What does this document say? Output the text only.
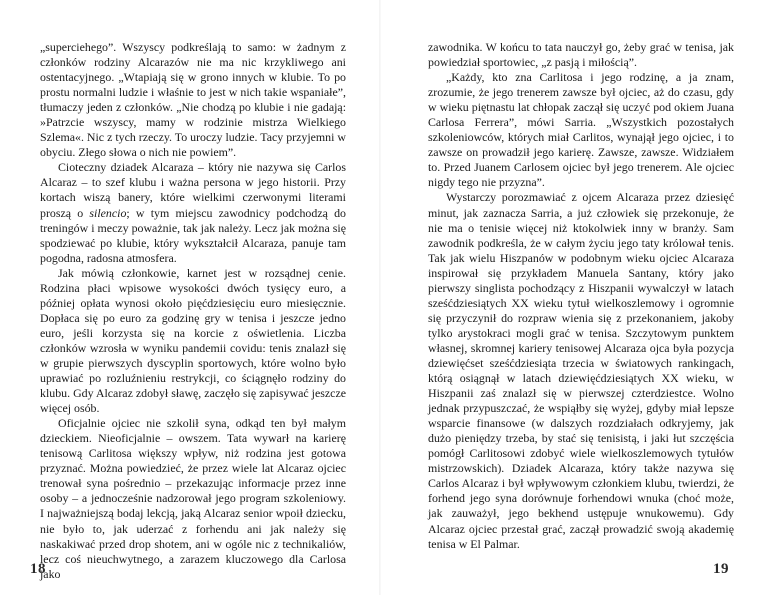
„superciehego”. Wszyscy podkreślają to samo: w żadnym z członków rodziny Alcarazów nie ma nic krzykliwego ani ostentacyjnego. „Wtapiają się w grono innych w klubie. To po prostu normalni ludzie i właśnie to jest w nich takie wspaniałe”, tłumaczy jeden z członków. „Nie chodzą po klubie i nie gadają: »Patrzcie wszyscy, mamy w rodzinie mistrza Wielkiego Szlema«. Nic z tych rzeczy. To uroczy ludzie. Tacy przyjemni w obyciu. Złego słowa o nich nie powiem”.

Ciotecznу dziadek Alcaraza – który nie nazywa się Carlos Alcaraz – to szef klubu i ważna persona w jego historii. Przy kortach wiszą banery, które wielkimi czerwonymi literami proszą o silencio; w tym miejscu zawodnicy podchodzą do treningów i meczy poważnie, tak jak należy. Lecz jak można się spodziewać po klubie, który wykształcił Alcaraza, panuje tam pogodna, radosna atmosfera.

Jak mówią członkowie, karnet jest w rozsądnej cenie. Rodzina płaci wpisowe wysokości dwóch tysięcy euro, a później opłata wynosi około pięćdziesięciu euro miesięcznie. Dopłaca się po euro za godzinę gry w tenisa i jeszcze jedno euro, jeśli korzysta się na korcie z oświetlenia. Liczba członków wzrosła w wyniku pandemii covidu: tenis znalazł się w grupie pierwszych dyscyplin sportowych, które wolno było uprawiać po rozluźnieniu restrykcji, co ściągnęło rodziny do klubu. Gdy Alcaraz zdobył sławę, zaczęło się zapisywać jeszcze więcej osób.

Oficjalnie ojciec nie szkolił syna, odkąd ten był małym dzieckiem. Nieoficjalnie – owszem. Tata wywarł na karierę tenisową Carlitosa większy wpływ, niż rodzina jest gotowa przyznać. Można powiedzieć, że przez wiele lat Alcaraz ojciec trenował syna pośrednio – przekazując informacje przez inne osoby – a jednocześnie nadzorował jego program szkoleniowy. I najważniejszą bodaj lekcją, jaką Alcaraz senior wpoił dziecku, nie było to, jak uderzać z forhendu ani jak należy się naskakiwać przed drop shotem, ani w ogóle nic z technikaliów, lecz coś nieuchwytnego, a zarazem kluczowego dla Carlosa jako

zawodnika. W końcu to tata nauczył go, żeby grać w tenisa, jak powiedział sportowiec, „z pasją i miłością”.

„Każdy, kto zna Carlitosa i jego rodzinę, a ja znam, zrozumie, że jego trenerem zawsze był ojciec, aż do czasu, gdy w wieku piętnastu lat chłopak zaczął się uczyć pod okiem Juana Carlosa Ferrera”, mówi Sarria. „Wszystkich pozostałych szkoleniowców, których miał Carlitos, wynajął jego ojciec, i to zawsze on prowadził jego karierę. Zawsze, zawsze. Widziałem to. Przed Juanem Carlosem ojciec był jego trenerem. Ale ojciec nigdy tego nie przyzna”.

Wystarczy porozmawiać z ojcem Alcaraza przez dziesięć minut, jak zaznacza Sarria, a już człowiek się przekonuje, że nie ma o tenisie więcej niż ktokolwiek inny w branży. Sam zawodnik podkreśla, że w całym życiu jego taty królował tenis. Tak jak wielu Hiszpanów w podobnym wieku ojciec Alcaraza inspirował się przykładem Manuela Santany, który jako pierwszy singlista pochodzący z Hiszpanii wywalczył w latach sześćdziesiątych XX wieku tytuł wielkoszlemowy i ogromnie się przyczynił do rozpraw wienia się z przekonaniem, jakoby tylko arystokraci mogli grać w tenisa. Szczytowym punktem własnej, skromnej kariery tenisowej Alcaraza ojca była pozycja dziewięćset sześćdziesiąta trzecia w światowych rankingach, którą osiągnął w latach dziewięćdziesiątych XX wieku, w Hiszpanii zaś znalazł się w pierwszej czterdziestce. Wolno jednak przypuszczać, że wspiąłby się wyżej, gdyby miał lepsze wsparcie finansowe (w dalszych rozdziałach odkryjemy, jak dużo pieniędzy trzeba, by stać się tenisistą, i jaki łut szczęścia pomógł Carlitosowi zdobyć wiele wielkoszlemowych tytułów mistrzowskich). Dziadek Alcaraza, który także nazywa się Carlos Alcaraz i był wpływowym członkiem klubu, twierdzi, że forhend jego syna dorównuje forhendowi wnuka (choć może, jak zauważył, jego bekhend ustępuje wnukowemu). Gdy Alcaraz ojciec przestał grać, zaczął prowadzić swoją akademię tenisa w El Palmar.

18	19
